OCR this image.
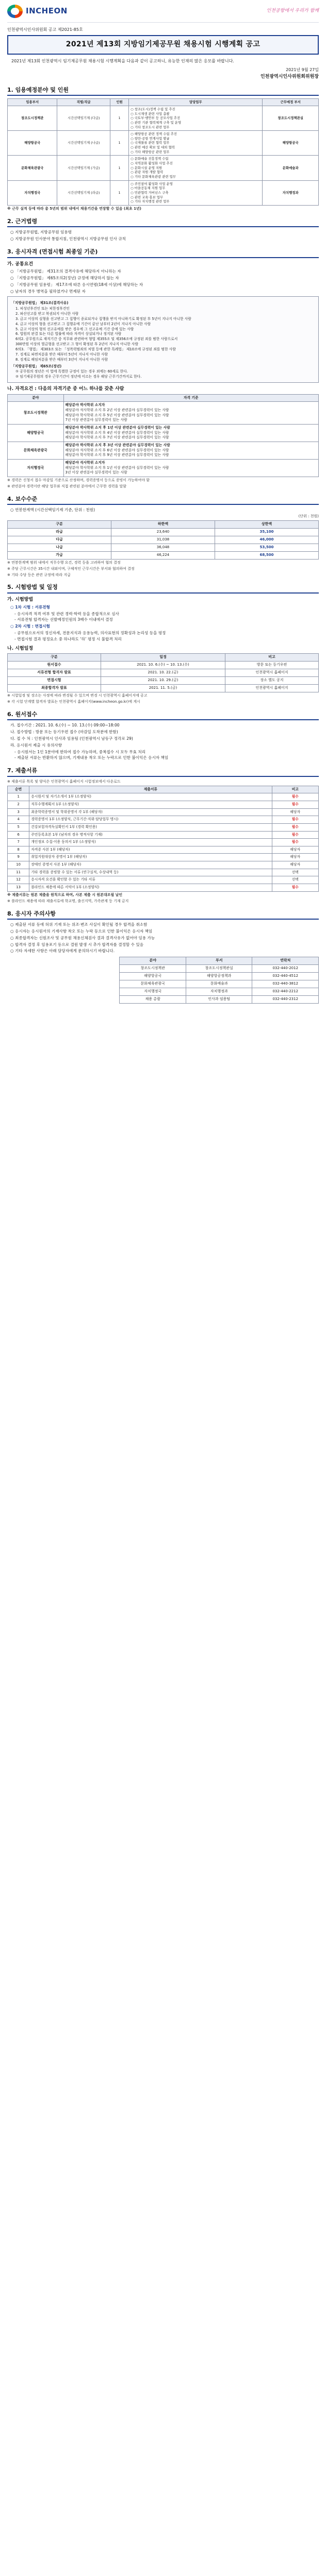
INCHEON	인천공항에서 우리가 함께
인천광역시인사위원회 공고 제2021-85호
2021년 제13회 지방임기제공무원 채용시험 시행계획 공고
2021년 제13회 인천광역시 임기제공무원 채용시험 시행계획을 다음과 같이 공고하니, 유능한 인재의 많은 응모를 바랍니다.
2021년 9월 27일
인천광역시인사위원회위원장
1. 임용예정분야 및 인원
임용부서	직렬/직급	인원	담당업무	근무예정 부서
창조도시정책관	시간선택임기제 (다급)	1	○ 창조(도시)정책 수립 및 추진
○ 도시재생 관련 사업 총괄
○ 국토부·행안부 등 공모사업 추진
○ 관련 기관 협력체계 구축 및 운영
○ 기타 창조도시 관련 업무	창조도시정책관실
해양항공국	시간선택임기제 (나급)	1	○ 해양항공 관련 정책 수립 추진
○ 항만·공항 연계사업 발굴
○ 국제물류 관련 협력 업무
○ 관련 예산 확보 및 대외 협력
○ 기타 해양항공 관련 업무	해양항공국
문화체육관광국	시간선택임기제 (가급)	1	○ 문화예술 진흥정책 수립
○ 지역문화 활성화 사업 추진
○ 문화시설 운영 지원
○ 관광 자원 개발 협력
○ 기타 문화체육관광 관련 업무	문화예술과
자치행정국	시간선택임기제 (라급)	1	○ 주민참여 활성화 사업 운영
○ 마을공동체 지원 업무
○ 민관협력 거버넌스 구축
○ 관련 교육·홍보 업무
○ 기타 자치행정 관련 업무	자치행정과

※ 근무 실적 등에 따라 총 5년의 범위 내에서 채용기간을 연장할 수 있음 (최초 1년)

2. 근거법령

○ 지방공무원법, 지방공무원 임용령

○ 지방공무원 인사분야 통합지침, 인천광역시 지방공무원 인사 규칙

3. 응시자격 (면접시험 최종일 기준)
가. 공통요건

○ 「지방공무원법」 제31조의 결격사유에 해당하지 아니하는 자

○ 「지방공무원법」 제65조의2(정년) 규정에 해당하지 않는 자

○ 「지방공무원 임용령」 제17조에 따른 응시연령(18세 이상)에 해당하는 자

○ 남자의 경우 병역을 필하였거나 면제된 자

「지방공무원법」 제31조(결격사유)
1. 피성년후견인 또는 피한정후견인
2. 파산선고를 받고 복권되지 아니한 사람
3. 금고 이상의 실형을 선고받고 그 집행이 종료되거나 집행을 받지 아니하기로 확정된 후 5년이 지나지 아니한 사람
4. 금고 이상의 형을 선고받고 그 집행유예 기간이 끝난 날부터 2년이 지나지 아니한 사람
5. 금고 이상의 형의 선고유예를 받은 경우에 그 선고유예 기간 중에 있는 사람
6. 법원의 판결 또는 다른 법률에 따라 자격이 상실되거나 정지된 사람
6의2. 공무원으로 재직기간 중 직무와 관련하여 형법 제355조 및 제356조에 규정된 죄를 범한 사람으로서
300만원 이상의 벌금형을 선고받고 그 형이 확정된 후 2년이 지나지 아니한 사람
6의3. 「형법」 제303조 또는 「성폭력범죄의 처벌 등에 관한 특례법」 제10조에 규정된 죄를 범한 사람
7. 징계로 파면처분을 받은 때부터 5년이 지나지 아니한 사람
8. 징계로 해임처분을 받은 때부터 3년이 지나지 아니한 사람
「지방공무원법」 제65조(정년)
① 공무원의 정년은 이 법에 특별한 규정이 있는 경우 외에는 60세로 한다.
② 임기제공무원의 경우 근무기간이 정년에 이르는 경우 해당 근무기간까지로 한다.
나. 자격요건 : 다음의 자격기준 중 어느 하나를 갖춘 사람
분야	자격 기준
창조도시정책관	해당분야 박사학위 소지자
해당분야 석사학위 소지 후 2년 이상 관련분야 실무경력이 있는 사람
해당분야 학사학위 소지 후 5년 이상 관련분야 실무경력이 있는 사람
7년 이상 관련분야 실무경력이 있는 사람

해양항공국	해당분야 박사학위 소지 후 1년 이상 관련분야 실무경력이 있는 사람
해당분야 석사학위 소지 후 4년 이상 관련분야 실무경력이 있는 사람
해당분야 학사학위 소지 후 7년 이상 관련분야 실무경력이 있는 사람

문화체육관광국	해당분야 박사학위 소지 후 3년 이상 관련분야 실무경력이 있는 사람
해당분야 석사학위 소지 후 6년 이상 관련분야 실무경력이 있는 사람
해당분야 학사학위 소지 후 9년 이상 관련분야 실무경력이 있는 사람

자치행정국	해당분야 석사학위 소지자
해당분야 학사학위 소지 후 1년 이상 관련분야 실무경력이 있는 사람
3년 이상 관련분야 실무경력이 있는 사람

※ 경력은 신청서 접수 마감일 기준으로 산정하며, 경력증명서 등으로 증빙이 가능하여야 함

※ 관련분야 경력이란 해당 업무와 직접 관련된 분야에서 근무한 경력을 말함

4. 보수수준

○ 연봉한계액 (시간선택임기제 기준, 단위 : 천원)

(단위 : 천원)

구분	하한액	상한액
라급	23,640	35,100
다급	31,038	46,000
나급	36,048	53,500
가급	46,224	68,500

※ 연봉한계액 범위 내에서 직무수행 요건, 경력 등을 고려하여 협의 결정

※ 주당 근무시간은 35시간 내외이며, 구체적인 근무시간은 부서와 협의하여 결정

※ 기타 수당 등은 관련 규정에 따라 지급

5. 시험방법 및 일정
가. 시험방법

○ 1차 시험 : 서류전형

- 응시자격 적격 여부 및 관련 경력·학력 등을 종합적으로 심사

- 서류전형 합격자는 선발예정인원의 3배수 이내에서 결정

○ 2차 시험 : 면접시험

- 공무원으로서의 정신자세, 전문지식과 응용능력, 의사표현의 정확성과 논리성 등을 평정

- 면접시험 결과 평정요소 중 하나라도 ‘하’ 평정 시 불합격 처리

나. 시험일정
구분	일정	비고
원서접수	2021. 10. 6.(수) ~ 10. 13.(수)	방문 또는 등기우편
서류전형 합격자 발표	2021. 10. 22.(금)	인천광역시 홈페이지
면접시험	2021. 10. 29.(금)	장소 별도 공지
최종합격자 발표	2021. 11. 5.(금)	인천광역시 홈페이지

※ 시험일정 및 장소는 사정에 따라 변경될 수 있으며 변경 시 인천광역시 홈페이지에 공고

※ 각 시험 단계별 합격자 발표는 인천광역시 홈페이지(www.incheon.go.kr)에 게시

6. 원서접수

가. 접수기간 : 2021. 10. 6.(수) ~ 10. 13.(수) 09:00~18:00

나. 접수방법 : 방문 또는 등기우편 접수 (마감일 도착분에 한함)

다. 접 수 처 : 인천광역시 인사과 임용팀 (인천광역시 남동구 정각로 29)

라. 응시원서 제출 시 유의사항

- 응시원서는 1인 1분야에 한하여 접수 가능하며, 중복접수 시 모두 무효 처리

- 제출된 서류는 반환하지 않으며, 기재내용 착오 또는 누락으로 인한 불이익은 응시자 책임

7. 제출서류

※ 제출서류 목록 및 양식은 인천광역시 홈페이지 시험정보에서 다운로드

순번	제출서류	비고
1	응시원서 및 자기소개서 1부 (소정양식)	필수
2	직무수행계획서 1부 (소정양식)	필수
3	최종학력증명서 및 학위증명서 각 1부 (해당자)	해당자
4	경력증명서 1부 (소정양식, 근무기간·직위·담당업무 명시)	필수
5	건강보험자격득실확인서 1부 (경력 확인용)	필수
6	주민등록초본 1부 (남자의 경우 병적사항 기재)	필수
7	개인정보 수집·이용 동의서 1부 (소정양식)	필수
8	자격증 사본 1부 (해당자)	해당자
9	취업지원대상자 증명서 1부 (해당자)	해당자
10	장애인 증명서 사본 1부 (해당자)	해당자
11	기타 경력을 증빙할 수 있는 서류 (연구실적, 수상내역 등)	선택
12	응시자격 요건을 확인할 수 있는 기타 서류	선택
13	블라인드 채용에 따른 서약서 1부 (소정양식)	필수

※ 제출서류는 원본 제출을 원칙으로 하며, 사본 제출 시 원본대조필 날인

※ 블라인드 채용에 따라 제출서류에 학교명, 출신지역, 가족관계 등 기재 금지

8. 응시자 주의사항

○ 제출된 서류 등에 허위 기재 또는 위조·변조 사실이 확인될 경우 합격을 취소함

○ 응시자는 응시원서의 기재사항 착오 또는 누락 등으로 인한 불이익은 응시자 책임

○ 최종합격자는 신원조사 및 공무원 채용신체검사 결과 결격사유가 없어야 임용 가능

○ 합격자 결정 후 임용포기 등으로 결원 발생 시 추가 합격자를 결정할 수 있음

○ 기타 자세한 사항은 아래 담당자에게 문의하시기 바랍니다.

분야	부서	연락처
창조도시정책관	창조도시정책관실	032-440-2012
해양항공국	해양항공정책과	032-440-4512
문화체육관광국	문화예술과	032-440-3812
자치행정국	자치행정과	032-440-2212
채용 총괄	인사과 임용팀	032-440-2312
